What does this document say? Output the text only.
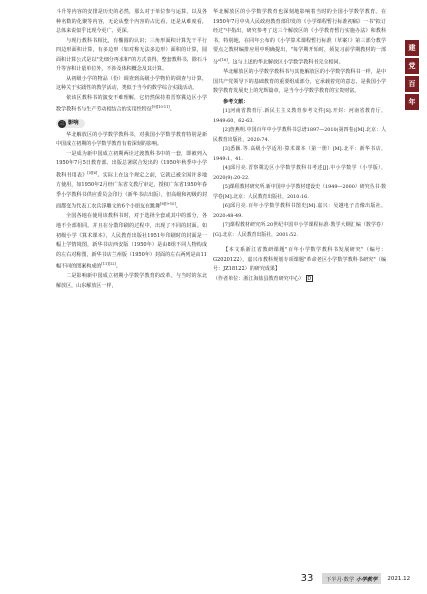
斗升等内容的安排是历史的必然，那么对于单位参与运算，以及各种名数的化聚等内容，无论从整个内容的占比看，还是从难度看，总体来说似乎比现今更广、更深。

与现行教科书相比，有椭圆的认识；三角形面积计算先干平行四边形面积计算，有多边形（如对称无法多边形）面积的计算，圆面积计算公式是以"先细分再求和"的方式表得。整套教科书，除石斗升等容积计量单位外，不涉及体积概念及其计算。

从初级小学的物品（份）调查到高级小学物价的调查与计算，这种关于实践性的教学活动，类似于当今的数学综合实践活动。

依该区教科书的演变不难理解，它仍然保持着晋察冀边区小学数学教科书与生产劳动相结合的实用性特征[9][10-11]。

三 影响

华北解放区的小学数学教科书，对我国小学数学教育特别是新中国成立初期的小学数学教育有着深刻的影响。

一是成为新中国成立初期两诠过渡教科书中的一套，即被列入1950年7月5日教育部、出版总署联合发出的《1950年秋季中小学教科书用表》[5][6]。实际上在这个规定之前，它就已被全国许多地方使用，如1950年2月经广东省文教厅审定，授权广东省1950年春季小学教科书供应委员会印行（新华书店出版），但高级和初级的封面都变为代表工农兵浮雕文的6个小朋友在跳舞[8][9-10]。

全国各地在使用该教科书时，对于选择全套或其中的部分，各地不全部相同。并且在分散印刷的过程中，出现了不同的封面。如初级小学《算术课本》，人民教育出版社1951年印刷时的封面是一幅上学情境图，新华书店西安版（1950年）是由8组不同人物构成的左右对称图，新华书店兰州版（1950年）封面的左右两列是由11幅不同的图案构成的[11][12]。

二是影响新中国成立初期小学数学教育的改革。与当时的东北解放区，山东解放区一样，

华北解放区的小学数学教育也深刻地影响着当时的全国小学数学教育。在1950年7月中央人民政府教育部印发的《小学课程暂行标准初稿》一书"拟订经过"中指出，研究参考了这三个解放区的《小学教育暂行实施办法》和教科书，特别地，在同年公布的《小学算术课程暂行标准（草案）》第三部分教学要点之教材编排应用中明确提出，"每学期开始时，须复习前学期教材的一部分"[16]。这与上述的华北解放区小学数学教科书完全相同。

华北解放区的小学数学教科书与其他解放区的小学数学教科书一样，是中国共产党领导下的基础教育的重要组成部分，它承载着党的意志，是我国小学数学教育发展史上的光辉篇章，是当今小学数学教育的宝贵财富。

参考文献：

[1]河南省教育厅.新民主主义教育参考文件[S].开封：河南省教育厅，1949:60，62-63.

[2]詹燕明.中国百年中小学教科书总谱1897—2010(第四卷)[M].北京：人民教育出版社，2020:74.

[3]悉颖.等.高级小学适用·算术课本（第一册）[M].北平：新华书店，1949:1，41.

[4]邱月亮.晋察冀边区小学数学教科书考述[J].中小学数学（小学版），2020(9):20-22.

[5]课程教材研究所.新中国中小学教材建设史（1949—2000）研究丛书·数学卷[M].北京：人民教育出版社，2010:16.

[6]邱月亮.百年小学数学教科书图史[M].嘉兴：吴越电子音像出版社，2020:48-49.

[7]课程教材研究所.20世纪中国中小学课程标准·教学大纲汇编（数学卷）[G].北京：人民教育出版社，2001:52.

【本文系浙江省教研课题"百年小学数学教科书发展研究"（编号：G2020122），嘉兴市教科规划专项课题"革命老区小学数学教科书研究"（编号：JZ18122）的研究成果】

（作者单位：浙江海盐县教育研究中心） D

建
党
百
年
33 下半月·数学 小学教学 2021.12
